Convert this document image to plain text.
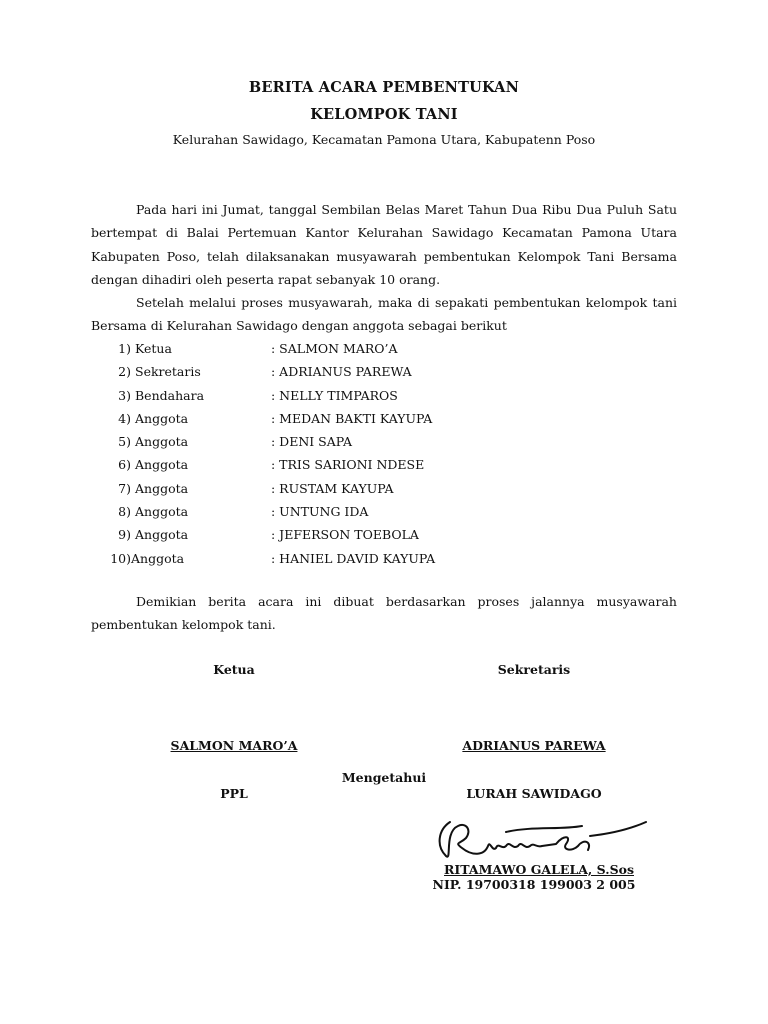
BERITA ACARA PEMBENTUKAN
KELOMPOK TANI
Kelurahan Sawidago, Kecamatan Pamona Utara, Kabupatenn Poso
Pada hari ini Jumat, tanggal Sembilan Belas Maret Tahun Dua Ribu Dua Puluh Satu bertempat di Balai Pertemuan Kantor Kelurahan Sawidago Kecamatan Pamona Utara Kabupaten Poso, telah dilaksanakan musyawarah pembentukan Kelompok Tani Bersama dengan dihadiri oleh peserta rapat sebanyak 10 orang.
Setelah melalui proses musyawarah, maka di sepakati pembentukan kelompok tani Bersama di Kelurahan Sawidago dengan anggota sebagai berikut
1) Ketua	: SALMON MARO’A
2) Sekretaris	: ADRIANUS PAREWA
3) Bendahara	: NELLY TIMPAROS
4) Anggota	: MEDAN BAKTI KAYUPA
5) Anggota	: DENI SAPA
6) Anggota	: TRIS SARIONI NDESE
7) Anggota	: RUSTAM KAYUPA
8) Anggota	: UNTUNG IDA
9) Anggota	: JEFERSON TOEBOLA
10) Anggota	: HANIEL DAVID KAYUPA
Demikian berita acara ini dibuat berdasarkan proses jalannya musyawarah pembentukan kelompok tani.
Ketua	Sekretaris
SALMON MARO’A	ADRIANUS PAREWA
Mengetahui
PPL	LURAH SAWIDAGO
RITAMAWO GALELA, S.Sos
NIP. 19700318 199003 2 005
